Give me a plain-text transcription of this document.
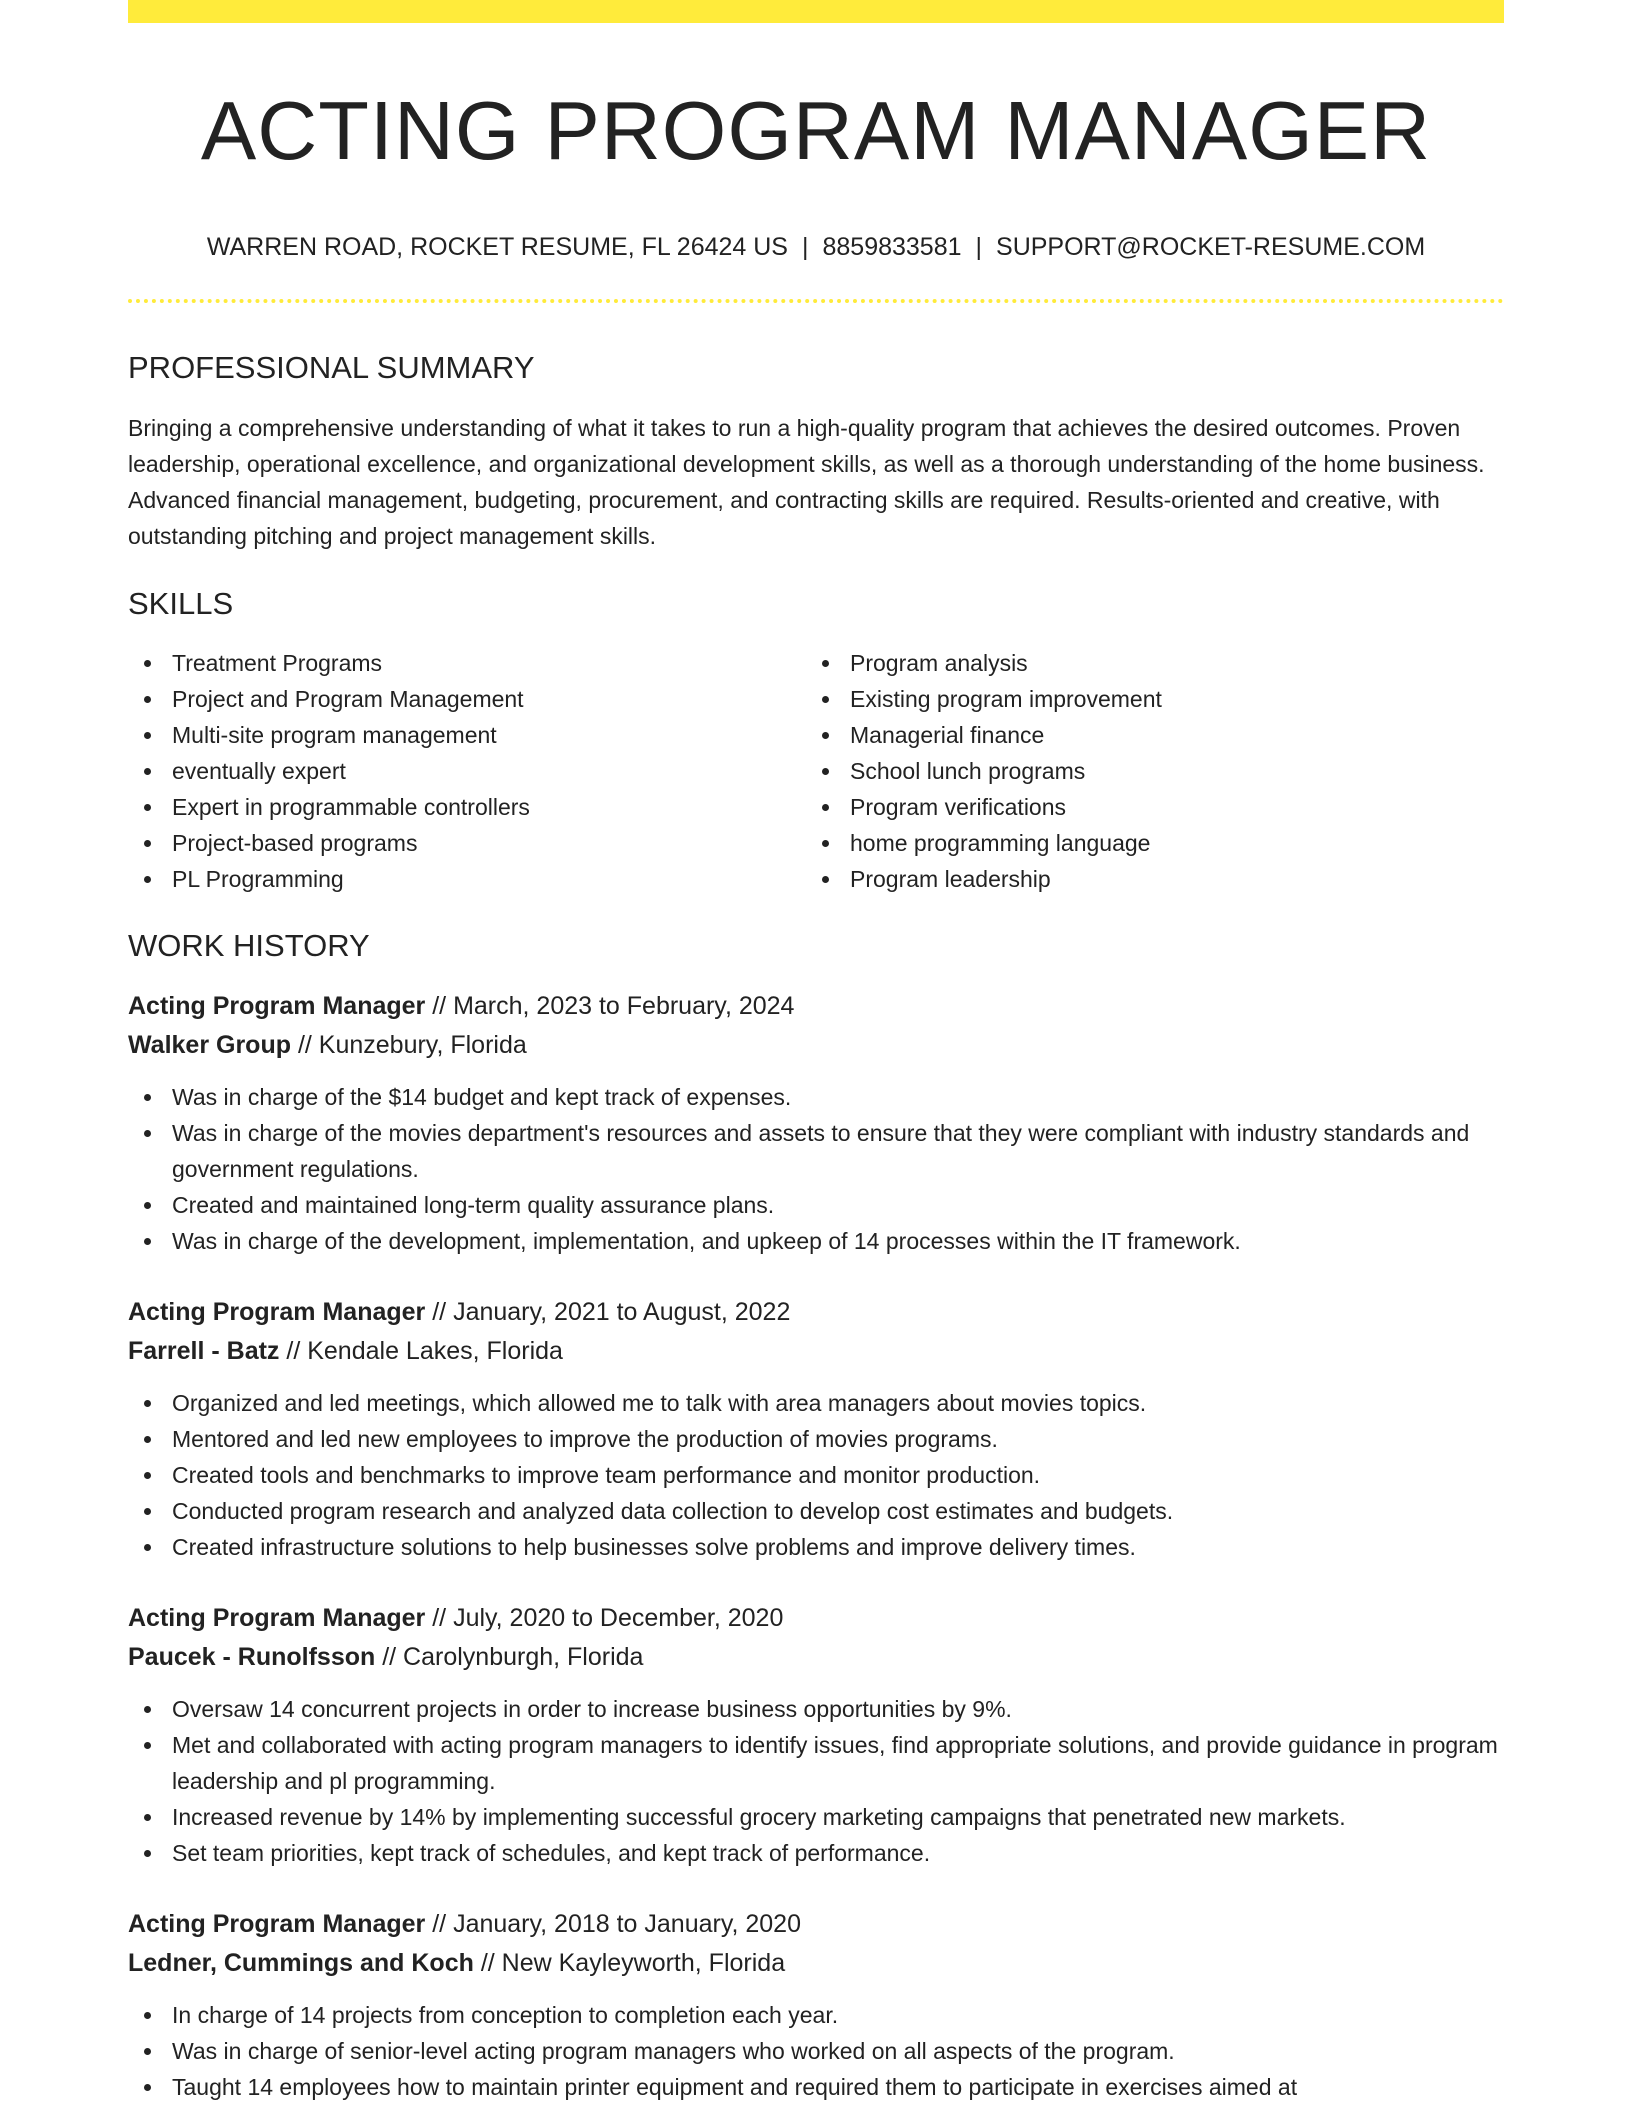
ACTING PROGRAM MANAGER
WARREN ROAD, ROCKET RESUME, FL 26424 US | 8859833581 | SUPPORT@ROCKET-RESUME.COM
PROFESSIONAL SUMMARY

Bringing a comprehensive understanding of what it takes to run a high-quality program that achieves the desired outcomes. Proven leadership, operational excellence, and organizational development skills, as well as a thorough understanding of the home business. Advanced financial management, budgeting, procurement, and contracting skills are required. Results-oriented and creative, with outstanding pitching and project management skills.

SKILLS
Treatment Programs
Project and Program Management
Multi-site program management
eventually expert
Expert in programmable controllers
Project-based programs
PL Programming
Program analysis
Existing program improvement
Managerial finance
School lunch programs
Program verifications
home programming language
Program leadership
WORK HISTORY
Acting Program Manager // March, 2023 to February, 2024
Walker Group // Kunzebury, Florida
Was in charge of the $14 budget and kept track of expenses.
Was in charge of the movies department's resources and assets to ensure that they were compliant with industry standards and government regulations.
Created and maintained long-term quality assurance plans.
Was in charge of the development, implementation, and upkeep of 14 processes within the IT framework.
Acting Program Manager // January, 2021 to August, 2022
Farrell - Batz // Kendale Lakes, Florida
Organized and led meetings, which allowed me to talk with area managers about movies topics.
Mentored and led new employees to improve the production of movies programs.
Created tools and benchmarks to improve team performance and monitor production.
Conducted program research and analyzed data collection to develop cost estimates and budgets.
Created infrastructure solutions to help businesses solve problems and improve delivery times.
Acting Program Manager // July, 2020 to December, 2020
Paucek - Runolfsson // Carolynburgh, Florida
Oversaw 14 concurrent projects in order to increase business opportunities by 9%.
Met and collaborated with acting program managers to identify issues, find appropriate solutions, and provide guidance in program leadership and pl programming.
Increased revenue by 14% by implementing successful grocery marketing campaigns that penetrated new markets.
Set team priorities, kept track of schedules, and kept track of performance.
Acting Program Manager // January, 2018 to January, 2020
Ledner, Cummings and Koch // New Kayleyworth, Florida
In charge of 14 projects from conception to completion each year.
Was in charge of senior-level acting program managers who worked on all aspects of the program.
Taught 14 employees how to maintain printer equipment and required them to participate in exercises aimed at
